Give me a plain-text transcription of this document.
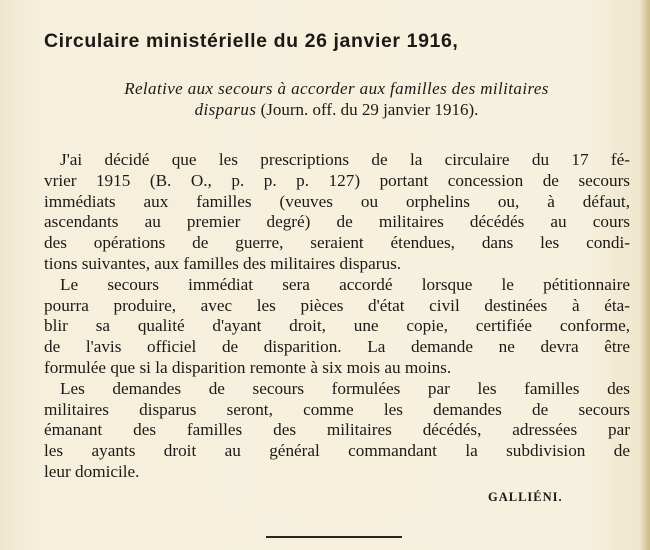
Circulaire ministérielle du 26 janvier 1916,
Relative aux secours à accorder aux familles des militaires
disparus (Journ. off. du 29 janvier 1916).
J'ai décidé que les prescriptions de la circulaire du 17 fé-
vrier 1915 (B. O., p. p. p. 127) portant concession de secours
immédiats aux familles (veuves ou orphelins ou, à défaut,
ascendants au premier degré) de militaires décédés au cours
des opérations de guerre, seraient étendues, dans les condi-
tions suivantes, aux familles des militaires disparus.
Le secours immédiat sera accordé lorsque le pétitionnaire
pourra produire, avec les pièces d'état civil destinées à éta-
blir sa qualité d'ayant droit, une copie, certifiée conforme,
de l'avis officiel de disparition. La demande ne devra être
formulée que si la disparition remonte à six mois au moins.
Les demandes de secours formulées par les familles des
militaires disparus seront, comme les demandes de secours
émanant des familles des militaires décédés, adressées par
les ayants droit au général commandant la subdivision de
leur domicile.
GALLIÉNI.
